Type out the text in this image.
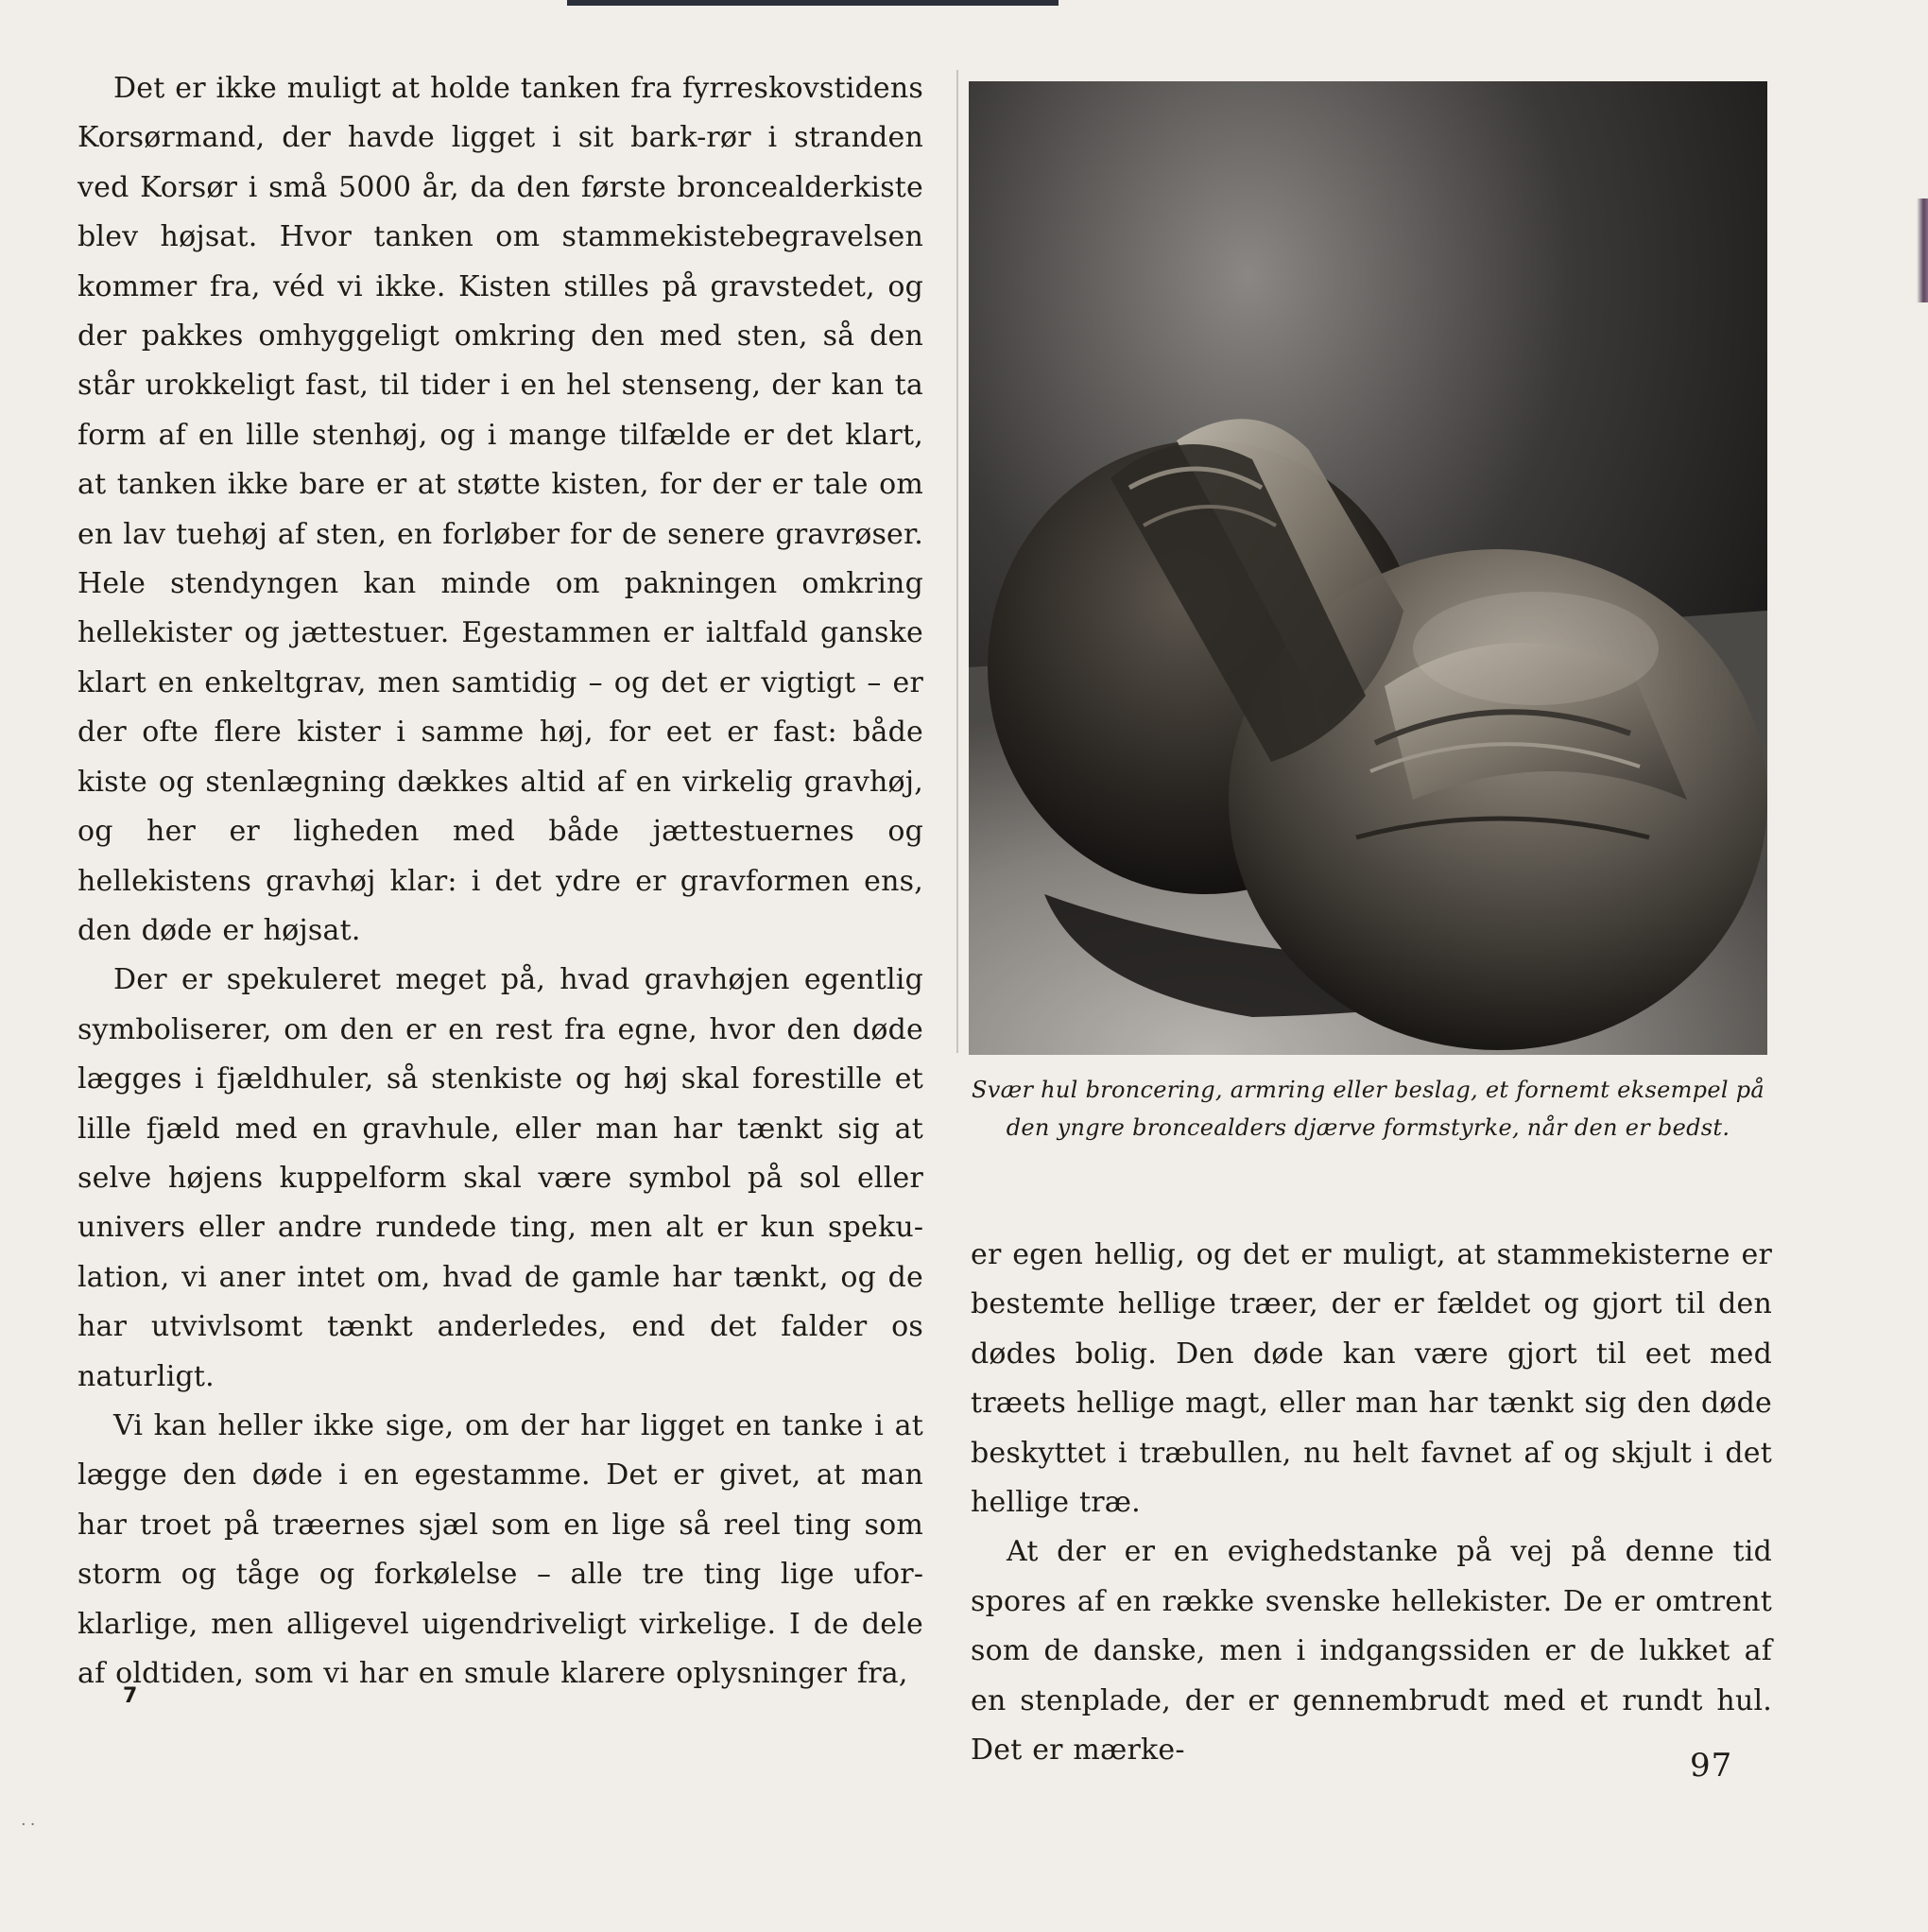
Det er ikke muligt at holde tanken fra fyrreskovstidens Korsørmand, der havde ligget i sit bark-rør i stranden ved Korsør i små 5000 år, da den første broncealderkiste blev højsat. Hvor tanken om stammekistebegravelsen kommer fra, véd vi ikke. Kisten stilles på gravstedet, og der pakkes omhyggeligt omkring den med sten, så den står urokkeligt fast, til tider i en hel stenseng, der kan ta form af en lille stenhøj, og i mange tilfælde er det klart, at tanken ikke bare er at støtte kisten, for der er tale om en lav tuehøj af sten, en forløber for de senere gravrøser. Hele stendyngen kan minde om pakningen omkring hellekister og jættestuer. Egestammen er ialtfald ganske klart en enkeltgrav, men samtidig – og det er vigtigt – er der ofte flere kister i samme høj, for eet er fast: både kiste og stenlægning dækkes altid af en virkelig gravhøj, og her er ligheden med både jættestuernes og hellekistens gravhøj klar: i det ydre er gravformen ens, den døde er højsat.

Der er spekuleret meget på, hvad gravhøjen egentlig symboliserer, om den er en rest fra egne, hvor den døde lægges i fjældhuler, så stenkiste og høj skal forestille et lille fjæld med en gravhule, eller man har tænkt sig at selve højens kuppelform skal være symbol på sol eller univers eller andre rundede ting, men alt er kun spekulation, vi aner intet om, hvad de gamle har tænkt, og de har utvivlsomt tænkt anderledes, end det falder os naturligt.

Vi kan heller ikke sige, om der har ligget en tanke i at lægge den døde i en egestamme. Det er givet, at man har troet på træernes sjæl som en lige så reel ting som storm og tåge og forkølelse – alle tre ting lige uforklarlige, men alligevel uigendriveligt virkelige. I de dele af oldtiden, som vi har en smule klarere oplysninger fra,

7
Svær hul broncering, armring eller beslag, et fornemt eksempel på
den yngre broncealders djærve formstyrke, når den er bedst.

er egen hellig, og det er muligt, at stammekisterne er bestemte hellige træer, der er fældet og gjort til den dødes bolig. Den døde kan være gjort til eet med træets hellige magt, eller man har tænkt sig den døde beskyttet i træbullen, nu helt favnet af og skjult i det hellige træ.

At der er en evighedstanke på vej på denne tid spores af en række svenske hellekister. De er omtrent som de danske, men i indgangssiden er de lukket af en stenplade, der er gennembrudt med et rundt hul. Det er mærke-	97
··
